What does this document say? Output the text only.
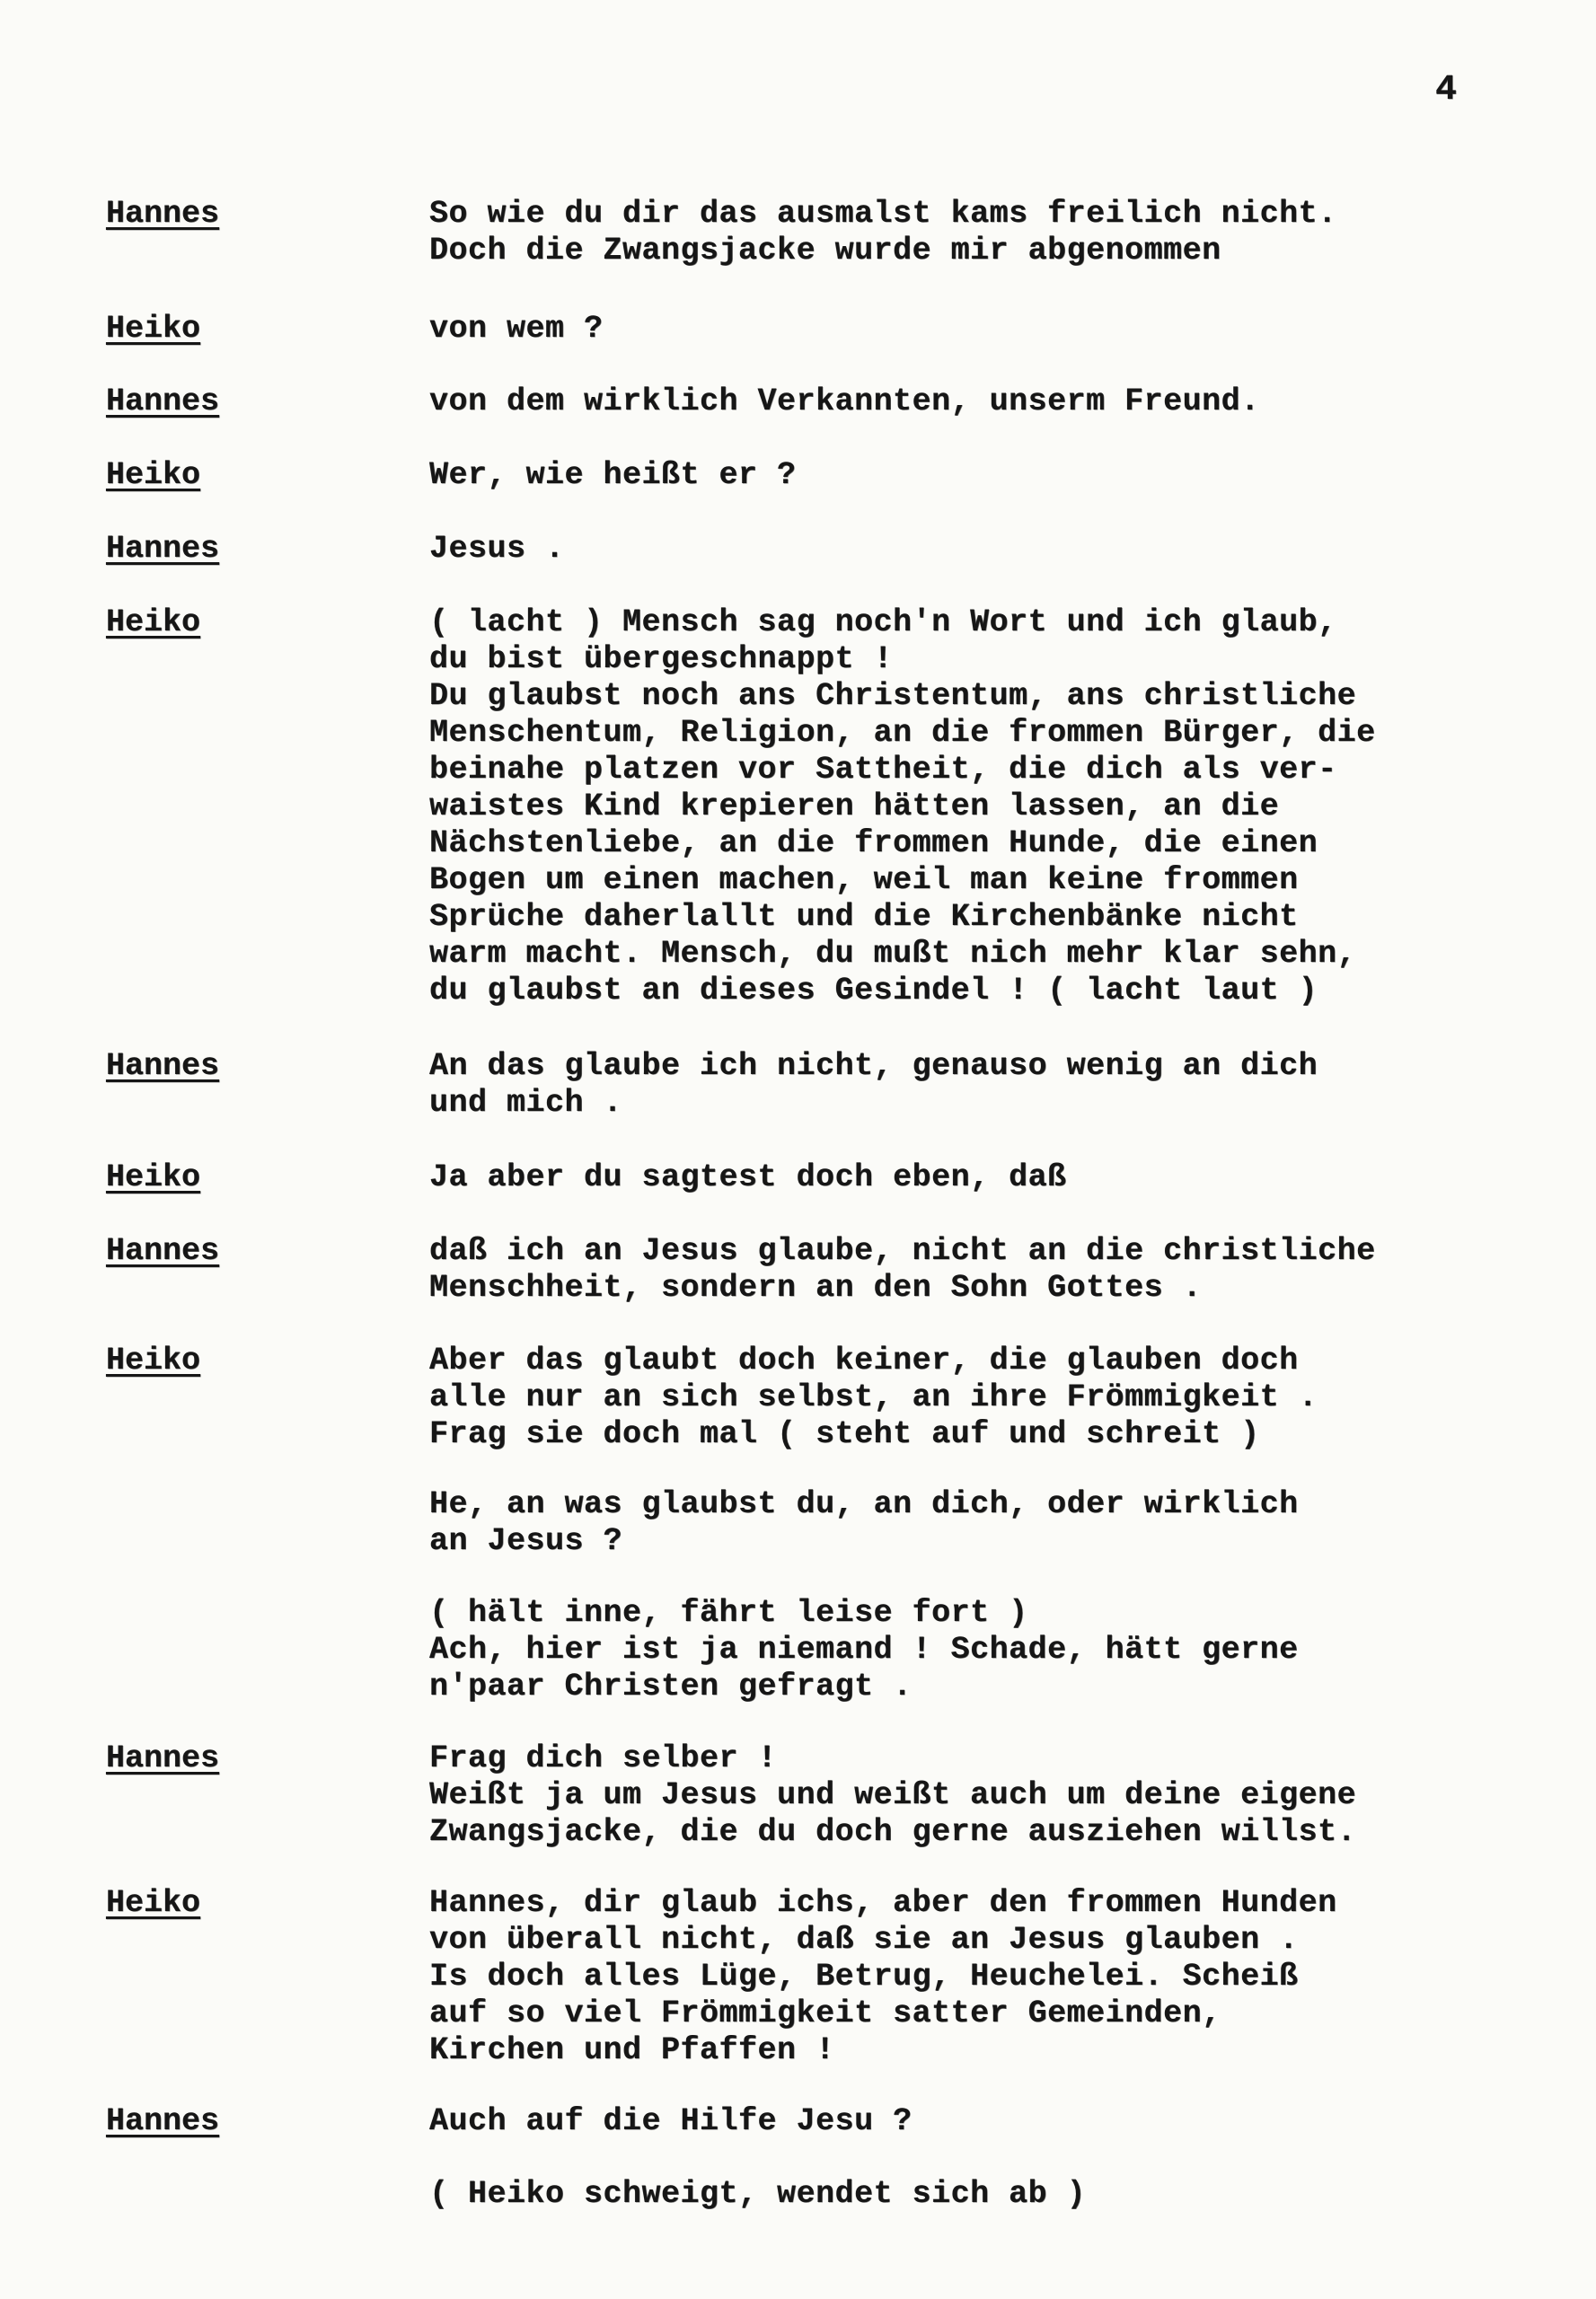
4
Hannes	So wie du dir das ausmalst kams freilich nicht.
Doch die Zwangsjacke wurde mir abgenommen
Heiko	von wem ?
Hannes	von dem wirklich Verkannten, unserm Freund.
Heiko	Wer, wie heißt er ?
Hannes	Jesus .
Heiko	( lacht ) Mensch sag noch'n Wort und ich glaub,
du bist übergeschnappt !
Du glaubst noch ans Christentum, ans christliche
Menschentum, Religion, an die frommen Bürger, die
beinahe platzen vor Sattheit, die dich als ver-
waistes Kind krepieren hätten lassen, an die
Nächstenliebe, an die frommen Hunde, die einen
Bogen um einen machen, weil man keine frommen
Sprüche daherlallt und die Kirchenbänke nicht
warm macht. Mensch, du mußt nich mehr klar sehn,
du glaubst an dieses Gesindel ! ( lacht laut )
Hannes	An das glaube ich nicht, genauso wenig an dich
und mich .
Heiko	Ja aber du sagtest doch eben, daß
Hannes	daß ich an Jesus glaube, nicht an die christliche
Menschheit, sondern an den Sohn Gottes .
Heiko	Aber das glaubt doch keiner, die glauben doch
alle nur an sich selbst, an ihre Frömmigkeit .
Frag sie doch mal ( steht auf und schreit )
He, an was glaubst du, an dich, oder wirklich
an Jesus ?
( hält inne, fährt leise fort )
Ach, hier ist ja niemand ! Schade, hätt gerne
n'paar Christen gefragt .
Hannes	Frag dich selber !
Weißt ja um Jesus und weißt auch um deine eigene
Zwangsjacke, die du doch gerne ausziehen willst.
Heiko	Hannes, dir glaub ichs, aber den frommen Hunden
von überall nicht, daß sie an Jesus glauben .
Is doch alles Lüge, Betrug, Heuchelei. Scheiß
auf so viel Frömmigkeit satter Gemeinden,
Kirchen und Pfaffen !
Hannes	Auch auf die Hilfe Jesu ?
( Heiko schweigt, wendet sich ab )
